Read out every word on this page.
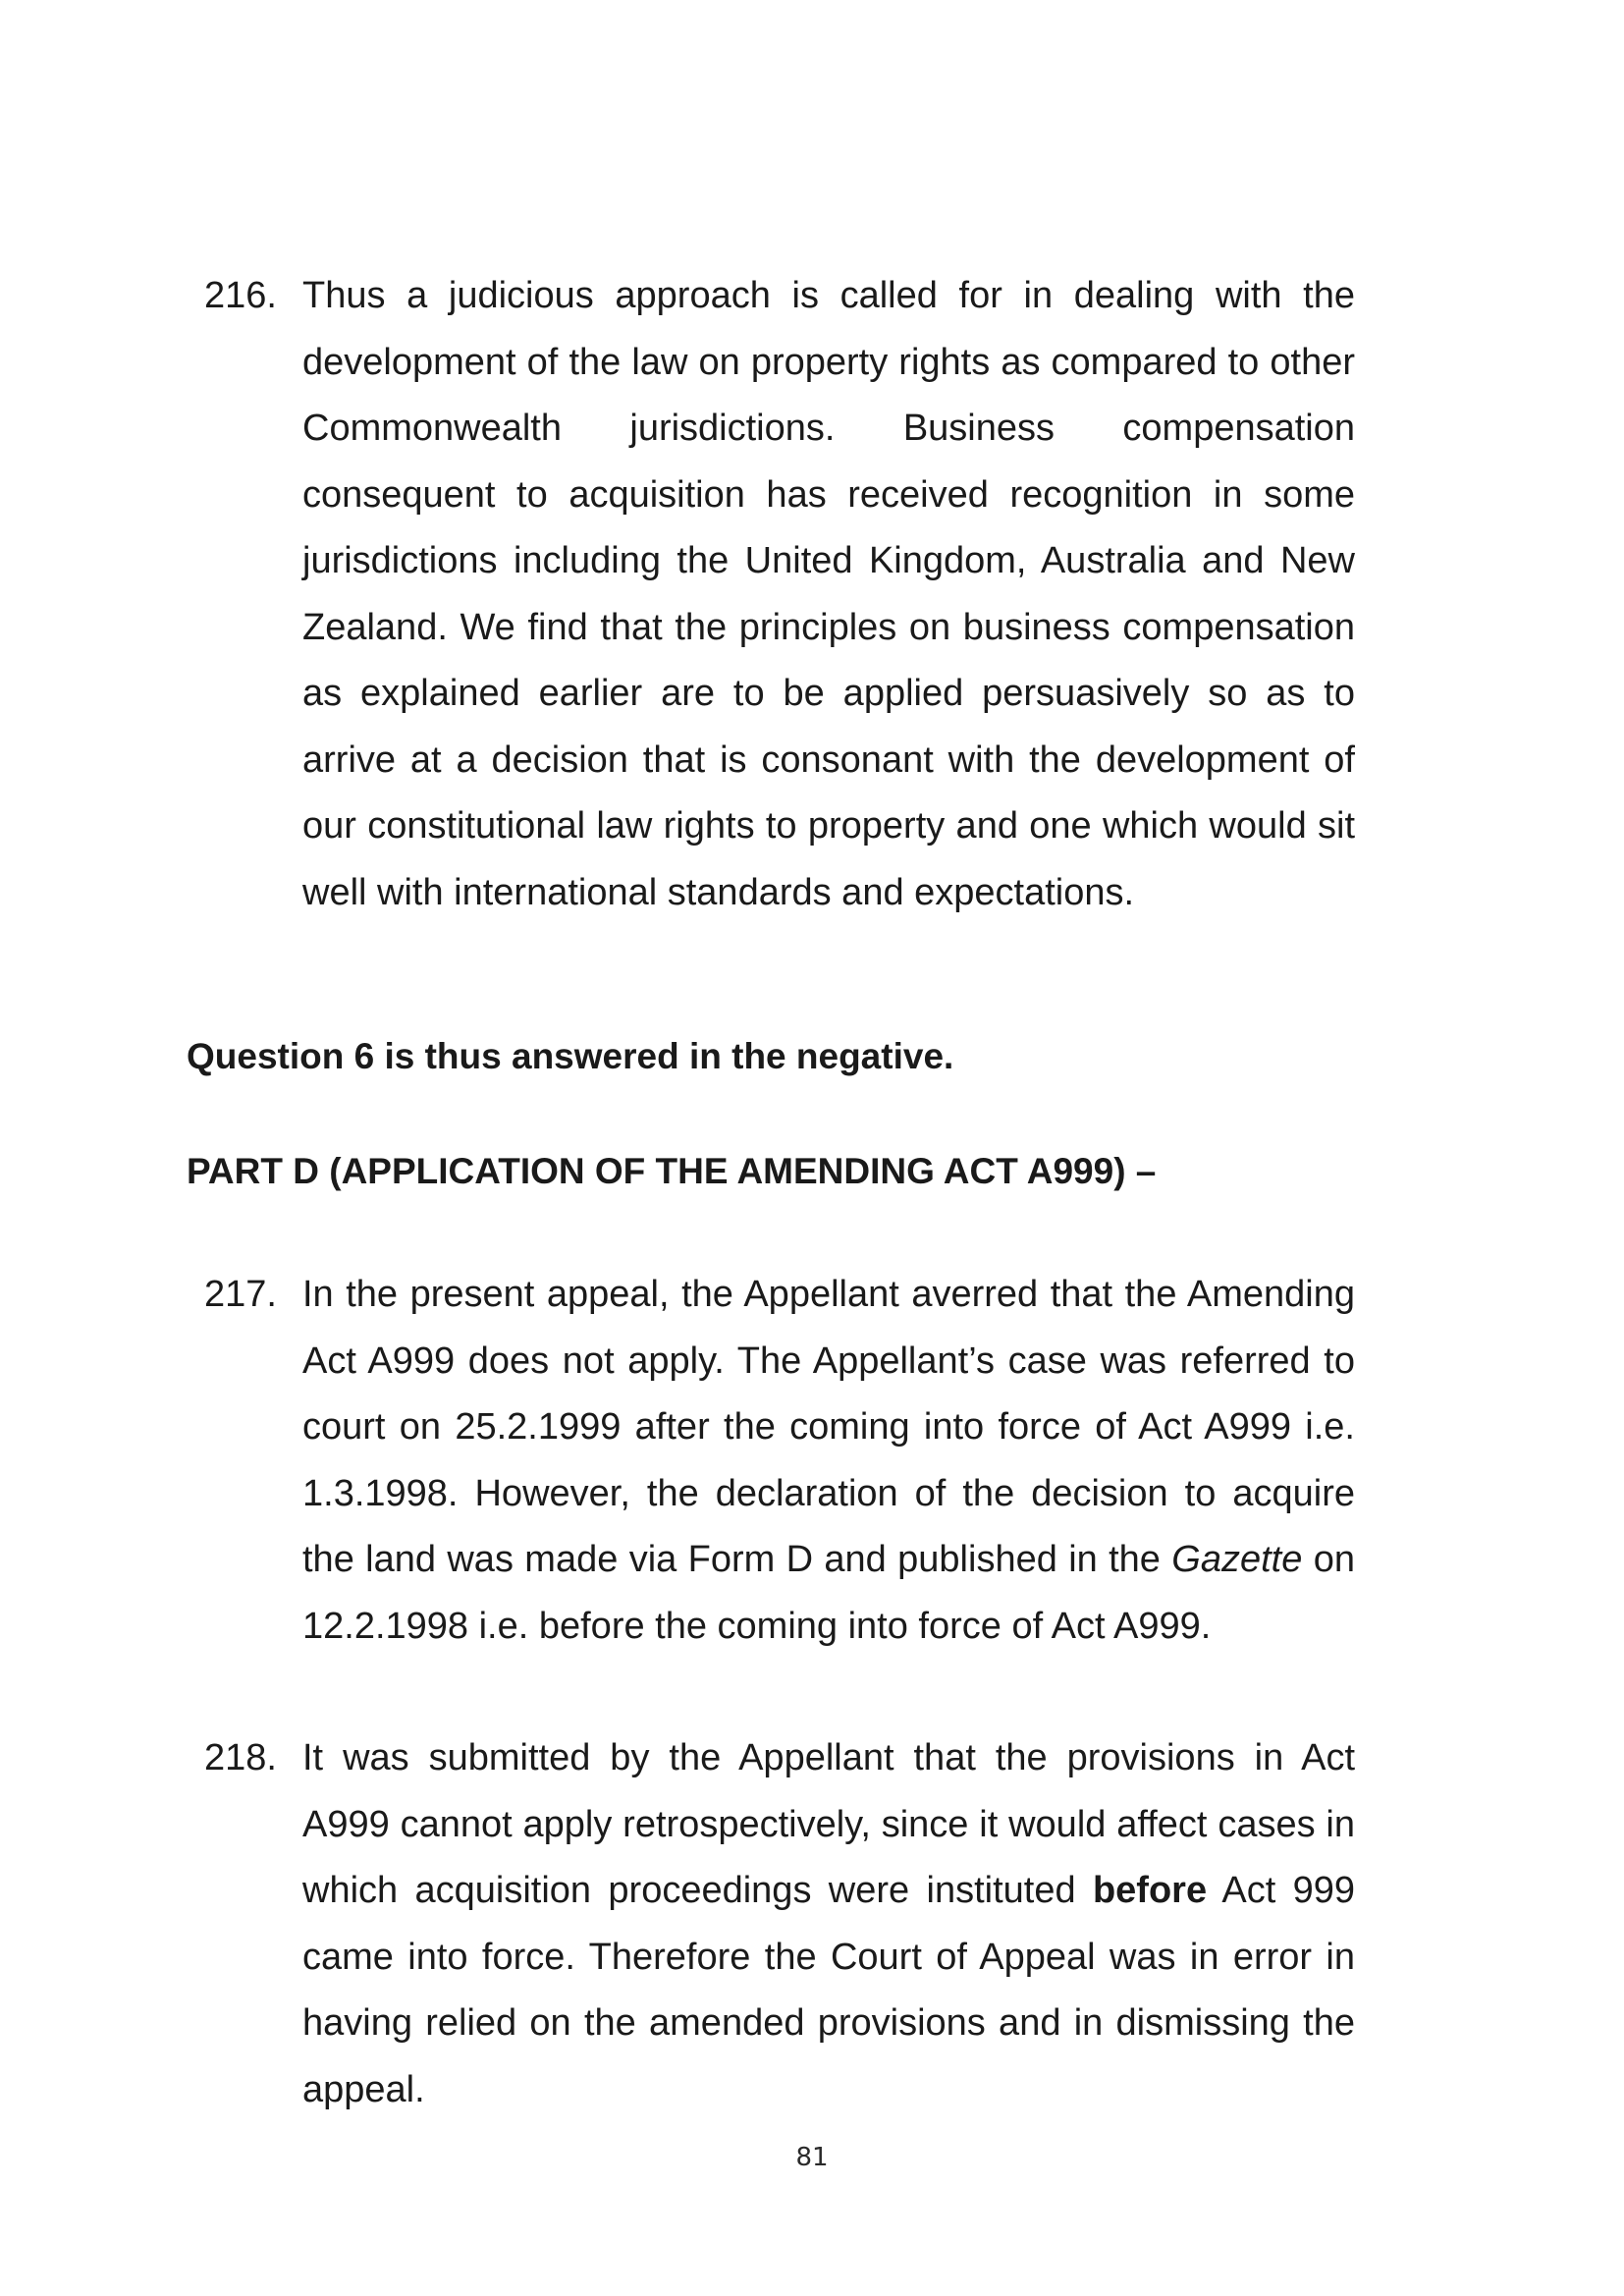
216. Thus a judicious approach is called for in dealing with the development of the law on property rights as compared to other Commonwealth jurisdictions. Business compensation consequent to acquisition has received recognition in some jurisdictions including the United Kingdom, Australia and New Zealand. We find that the principles on business compensation as explained earlier are to be applied persuasively so as to arrive at a decision that is consonant with the development of our constitutional law rights to property and one which would sit well with international standards and expectations.
Question 6 is thus answered in the negative.
PART D (APPLICATION OF THE AMENDING ACT A999) –
217. In the present appeal, the Appellant averred that the Amending Act A999 does not apply. The Appellant’s case was referred to court on 25.2.1999 after the coming into force of Act A999 i.e. 1.3.1998. However, the declaration of the decision to acquire the land was made via Form D and published in the Gazette on 12.2.1998 i.e. before the coming into force of Act A999.
218. It was submitted by the Appellant that the provisions in Act A999 cannot apply retrospectively, since it would affect cases in which acquisition proceedings were instituted before Act 999 came into force. Therefore the Court of Appeal was in error in having relied on the amended provisions and in dismissing the appeal.
81
